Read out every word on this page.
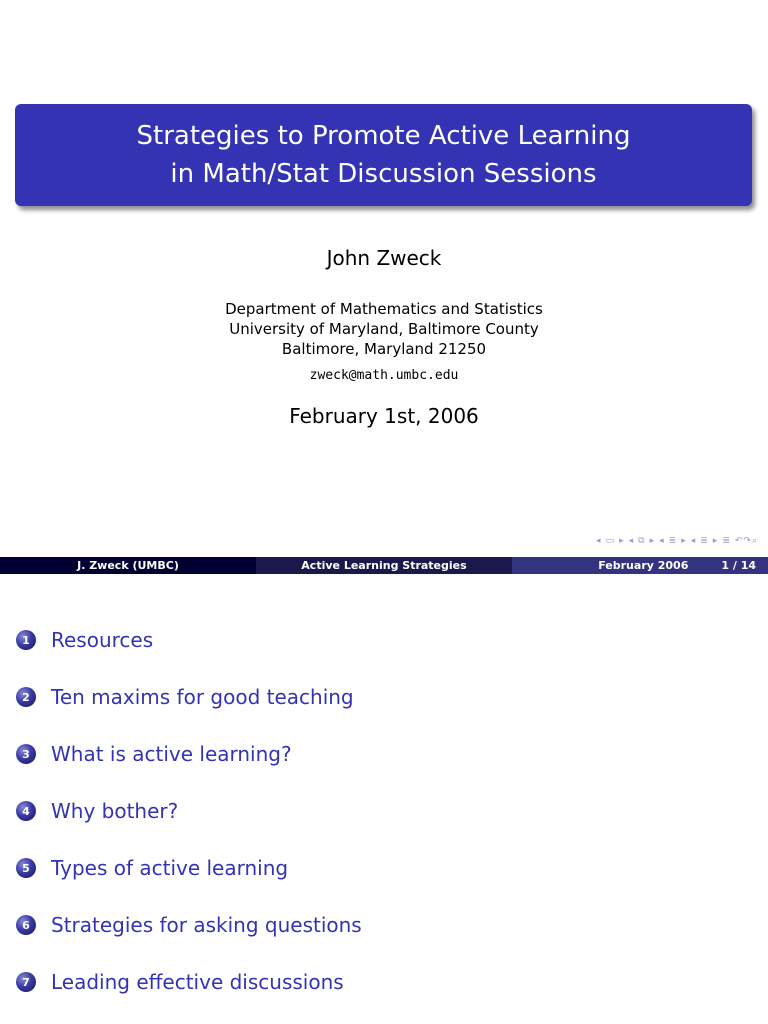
Strategies to Promote Active Learning
in Math/Stat Discussion Sessions
John Zweck
Department of Mathematics and Statistics
University of Maryland, Baltimore County
Baltimore, Maryland 21250
zweck@math.umbc.edu
February 1st, 2006
◂ ▭ ▸ ◂ ⧉ ▸ ◂ ≣ ▸ ◂ ≣ ▸ ≣ ↶↷⌕
J. Zweck (UMBC)	Active Learning Strategies	February 2006	1 / 14
1	Resources
2	Ten maxims for good teaching
3	What is active learning?
4	Why bother?
5	Types of active learning
6	Strategies for asking questions
7	Leading effective discussions
